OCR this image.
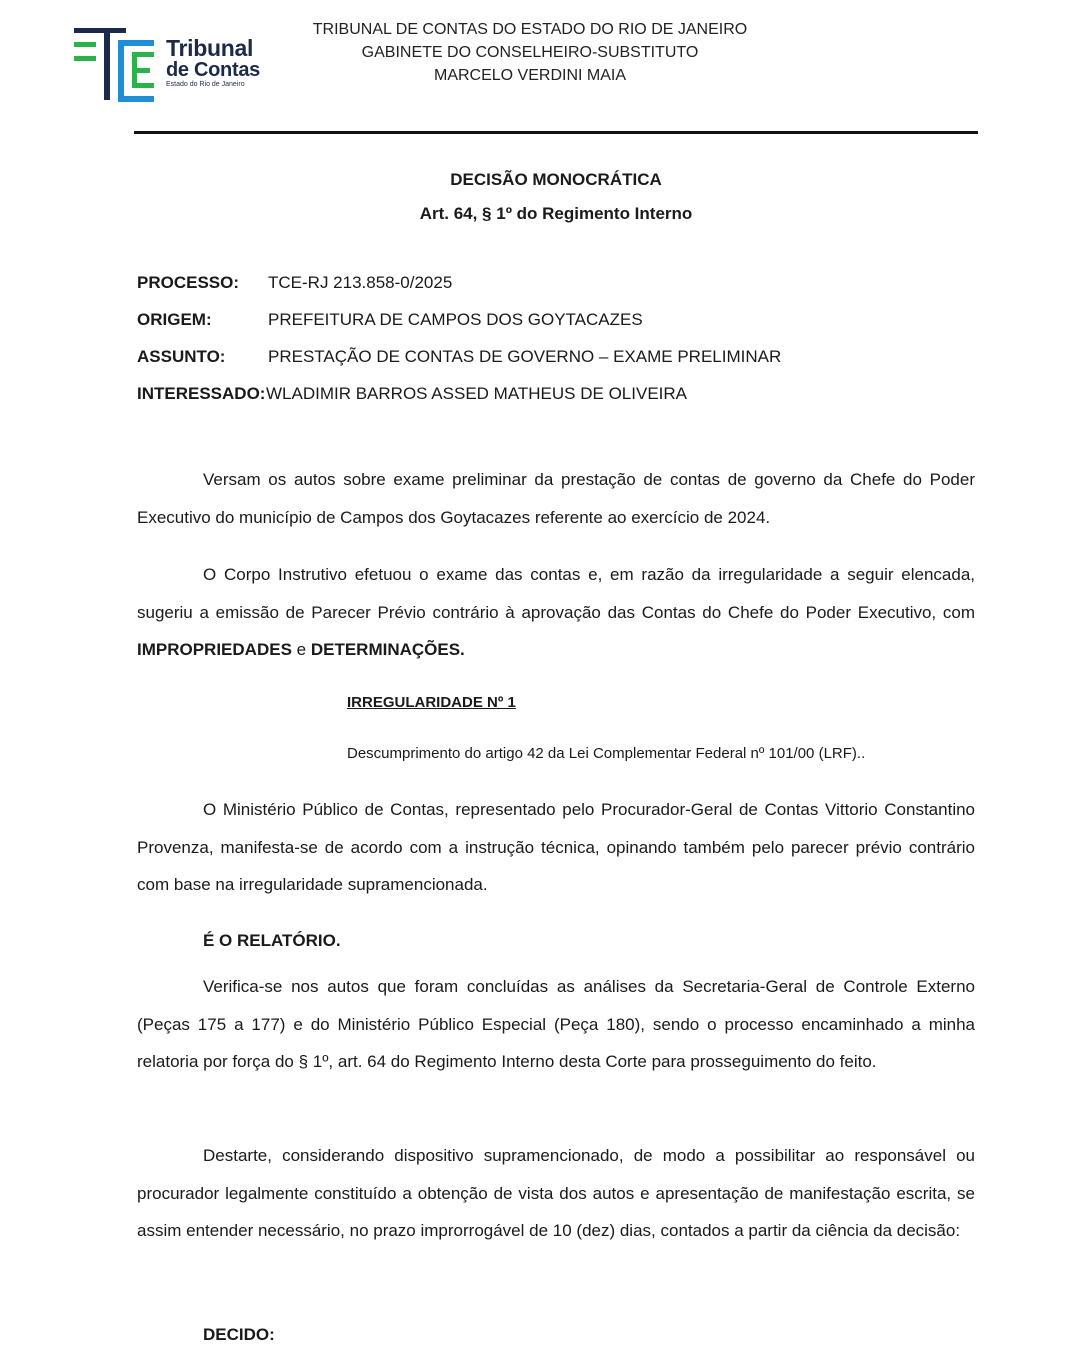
Tribunal
de Contas
Estado do Rio de Janeiro
TRIBUNAL DE CONTAS DO ESTADO DO RIO DE JANEIRO
GABINETE DO CONSELHEIRO-SUBSTITUTO
MARCELO VERDINI MAIA
DECISÃO MONOCRÁTICA
Art. 64, § 1º do Regimento Interno
PROCESSO: TCE-RJ 213.858-0/2025
ORIGEM:	PREFEITURA DE CAMPOS DOS GOYTACAZES
ASSUNTO:	PRESTAÇÃO DE CONTAS DE GOVERNO – EXAME PRELIMINAR
INTERESSADO: WLADIMIR BARROS ASSED MATHEUS DE OLIVEIRA
Versam os autos sobre exame preliminar da prestação de contas de governo da Chefe do Poder Executivo do município de Campos dos Goytacazes referente ao exercício de 2024.
O Corpo Instrutivo efetuou o exame das contas e, em razão da irregularidade a seguir elencada, sugeriu a emissão de Parecer Prévio contrário à aprovação das Contas do Chefe do Poder Executivo, com IMPROPRIEDADES e DETERMINAÇÕES.
IRREGULARIDADE Nº 1
Descumprimento do artigo 42 da Lei Complementar Federal nº 101/00 (LRF)..
O Ministério Público de Contas, representado pelo Procurador-Geral de Contas Vittorio Constantino Provenza, manifesta-se de acordo com a instrução técnica, opinando também pelo parecer prévio contrário com base na irregularidade supramencionada.
É O RELATÓRIO.
Verifica-se nos autos que foram concluídas as análises da Secretaria-Geral de Controle Externo (Peças 175 a 177) e do Ministério Público Especial (Peça 180), sendo o processo encaminhado a minha relatoria por força do § 1º, art. 64 do Regimento Interno desta Corte para prosseguimento do feito.
Destarte, considerando dispositivo supramencionado, de modo a possibilitar ao responsável ou procurador legalmente constituído a obtenção de vista dos autos e apresentação de manifestação escrita, se assim entender necessário, no prazo improrrogável de 10 (dez) dias, contados a partir da ciência da decisão:
DECIDO:
